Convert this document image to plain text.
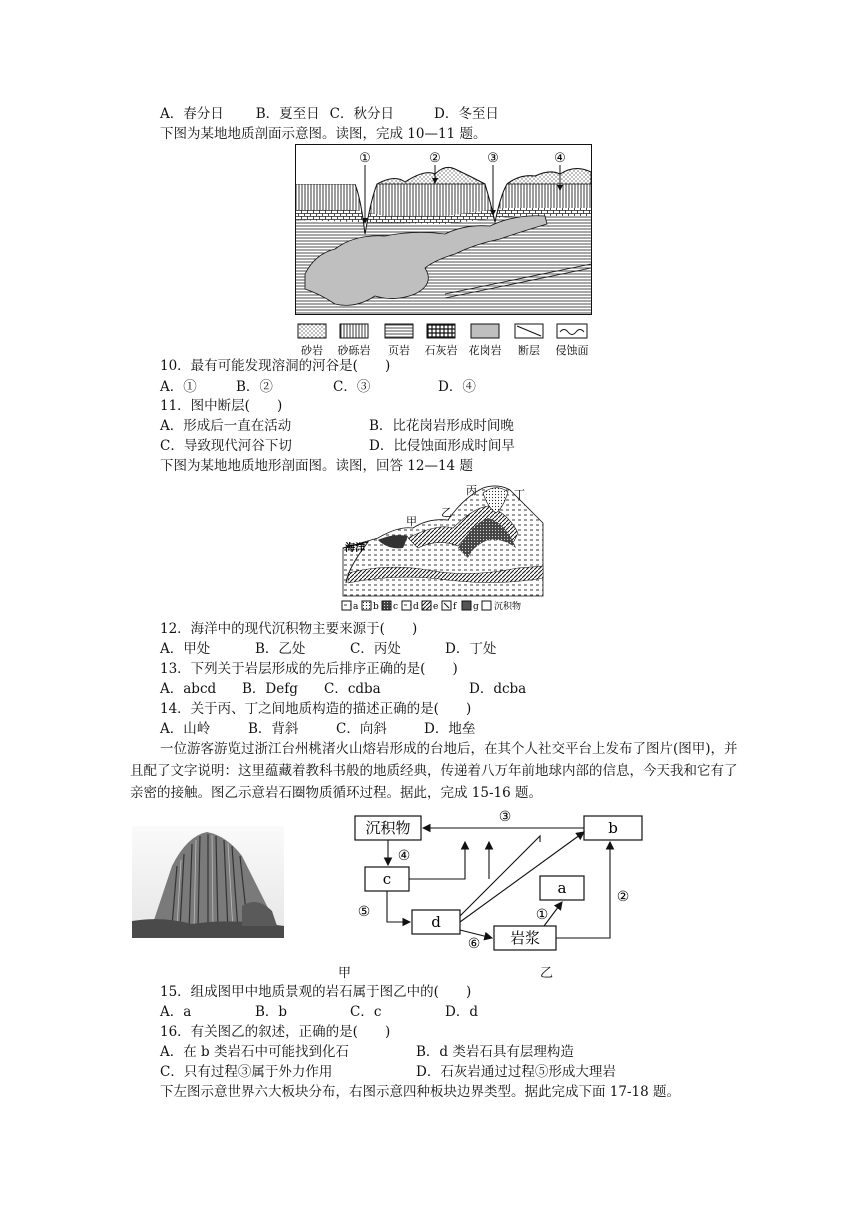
A．春分日 B．夏至日 C．秋分日	D．冬至日
下图为某地地质剖面示意图。读图，完成 10—11 题。
①	②	③	④
砂岩 砂砾岩 页岩 石灰岩 花岗岩 断层 侵蚀面
10．最有可能发现溶洞的河谷是(　　)
A．①	B．②	C．③	D．④
11．图中断层(　　)
A．形成后一直在活动	B．比花岗岩形成时间晚
C．导致现代河谷下切	D．比侵蚀面形成时间早
下图为某地地质地形剖面图。读图，回答 12—14 题
海洋
甲
乙
丙	丁
a b c d e f g 沉积物
12．海洋中的现代沉积物主要来源于(　　)
A．甲处	B．乙处	C．丙处	D．丁处
13．下列关于岩层形成的先后排序正确的是(　　)
A．abcd B．Defg C．cdba	D．dcba
14．关于丙、丁之间地质构造的描述正确的是(　　)
A．山岭	B．背斜	C．向斜	D．地垒
一位游客游览过浙江台州桃渚火山熔岩形成的台地后，在其个人社交平台上发布了图片(图甲)，并且配了文字说明：这里蕴藏着教科书般的地质经典，传递着八万年前地球内部的信息，今天我和它有了亲密的接触。图乙示意岩石圈物质循环过程。据此，完成 15-16 题。
沉积物	b
c	a
d
岩浆
③
④
⑤
⑥
①
②
甲	乙
15．组成图甲中地质景观的岩石属于图乙中的(　　)
A．a	B．b	C．c	D．d
16．有关图乙的叙述，正确的是(　　)
A．在 b 类岩石中可能找到化石	B．d 类岩石具有层理构造
C．只有过程③属于外力作用	D．石灰岩通过过程⑤形成大理岩
下左图示意世界六大板块分布，右图示意四种板块边界类型。据此完成下面 17-18 题。
